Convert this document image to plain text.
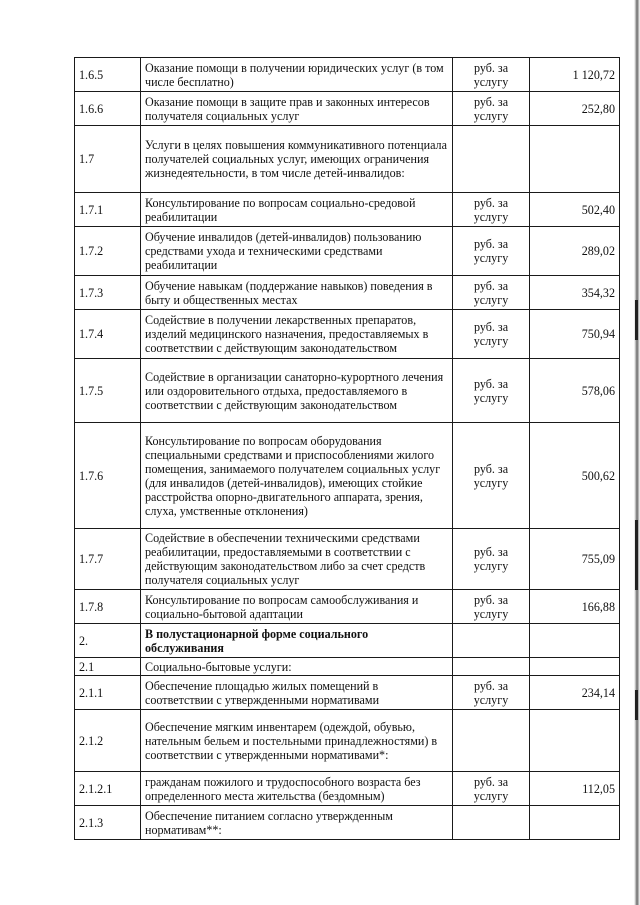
1.6.5	Оказание помощи в получении юридических услуг (в том числе бесплатно)	руб. за услугу	1 120,72
1.6.6	Оказание помощи в защите прав и законных интересов получателя социальных услуг	руб. за услугу	252,80
1.7	Услуги в целях повышения коммуникативного потенциала получателей социальных услуг, имеющих ограничения жизнедеятельности, в том числе детей-инвалидов:		
1.7.1	Консультирование по вопросам социально-средовой реабилитации	руб. за услугу	502,40
1.7.2	Обучение инвалидов (детей-инвалидов) пользованию средствами ухода и техническими средствами реабилитации	руб. за услугу	289,02
1.7.3	Обучение навыкам (поддержание навыков) поведения в быту и общественных местах	руб. за услугу	354,32
1.7.4	Содействие в получении лекарственных препаратов, изделий медицинского назначения, предоставляемых в соответствии с действующим законодательством	руб. за услугу	750,94
1.7.5	Содействие в организации санаторно-курортного лечения или оздоровительного отдыха, предоставляемого в соответствии с действующим законодательством	руб. за услугу	578,06
1.7.6	Консультирование по вопросам оборудования специальными средствами и приспособлениями жилого помещения, занимаемого получателем социальных услуг (для инвалидов (детей-инвалидов), имеющих стойкие расстройства опорно-двигательного аппарата, зрения, слуха, умственные отклонения)	руб. за услугу	500,62
1.7.7	Содействие в обеспечении техническими средствами реабилитации, предоставляемыми в соответствии с действующим законодательством либо за счет средств получателя социальных услуг	руб. за услугу	755,09
1.7.8	Консультирование по вопросам самообслуживания и социально-бытовой адаптации	руб. за услугу	166,88
2.	В полустационарной форме социального обслуживания		
2.1	Социально-бытовые услуги:		
2.1.1	Обеспечение площадью жилых помещений в соответствии с утвержденными нормативами	руб. за услугу	234,14
2.1.2	Обеспечение мягким инвентарем (одеждой, обувью, нательным бельем и постельными принадлежностями) в соответствии с утвержденными нормативами*:		
2.1.2.1	гражданам пожилого и трудоспособного возраста без определенного места жительства (бездомным)	руб. за услугу	112,05
2.1.3	Обеспечение питанием согласно утвержденным нормативам**:		
